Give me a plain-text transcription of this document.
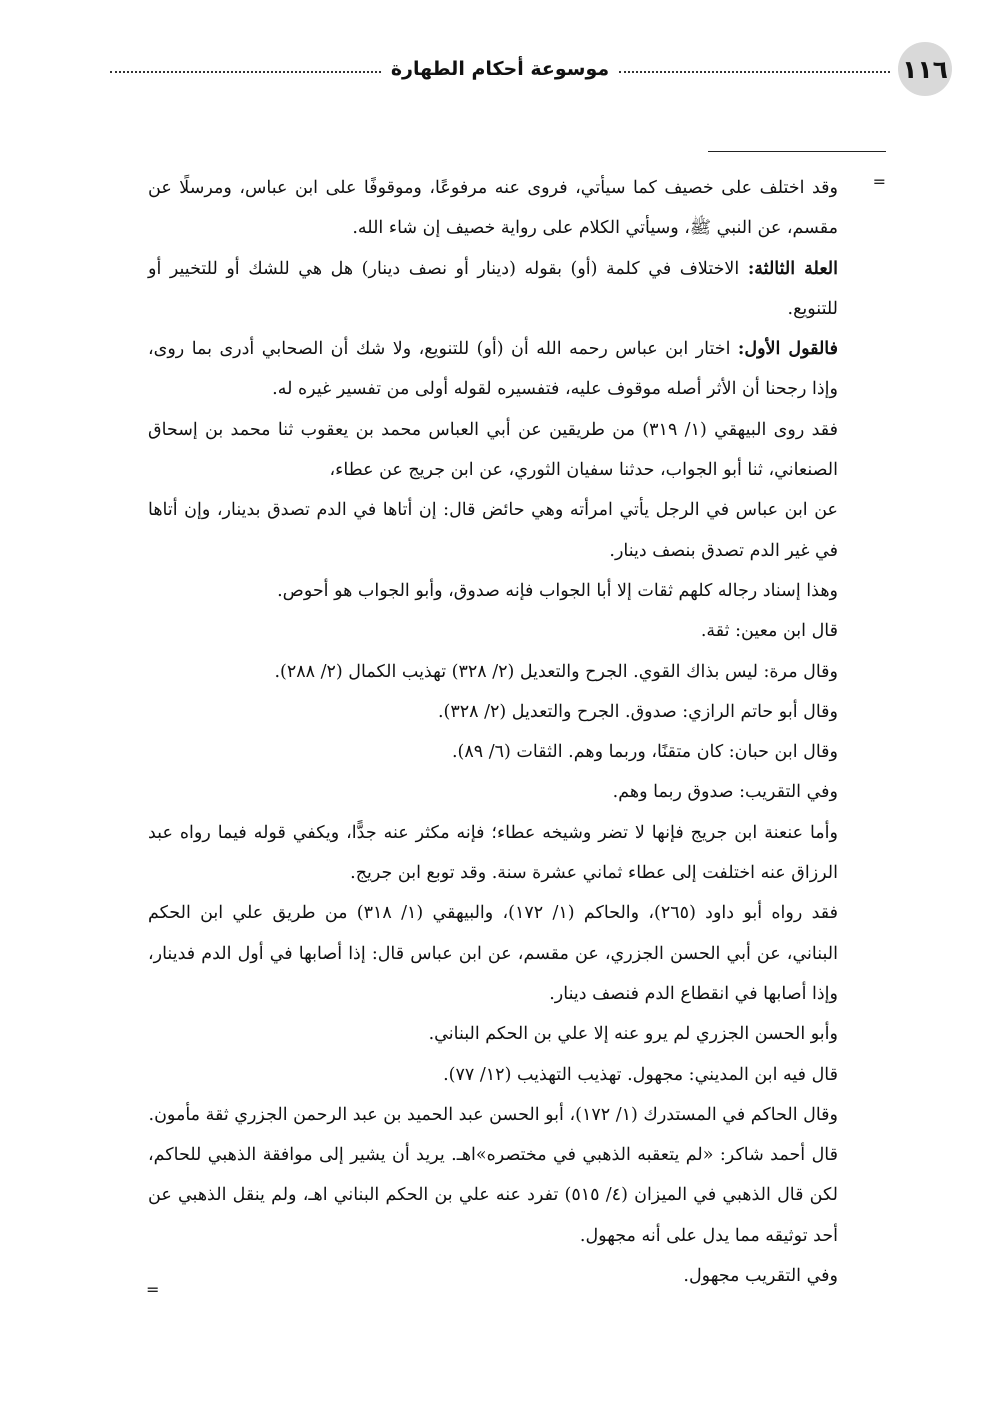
١١٦
موسوعة أحكام الطهارة
=
=

وقد اختلف على خصيف كما سيأتي، فروى عنه مرفوعًا، وموقوفًا على ابن عباس، ومرسلًا عن مقسم، عن النبي ﷺ، وسيأتي الكلام على رواية خصيف إن شاء الله.

العلة الثالثة: الاختلاف في كلمة (أو) بقوله (دينار أو نصف دينار) هل هي للشك أو للتخيير أو للتنويع.

فالقول الأول: اختار ابن عباس رحمه الله أن (أو) للتنويع، ولا شك أن الصحابي أدرى بما روى، وإذا رجحنا أن الأثر أصله موقوف عليه، فتفسيره لقوله أولى من تفسير غيره له.

فقد روى البيهقي (١/ ٣١٩) من طريقين عن أبي العباس محمد بن يعقوب ثنا محمد بن إسحاق الصنعاني، ثنا أبو الجواب، حدثنا سفيان الثوري، عن ابن جريج عن عطاء،

عن ابن عباس في الرجل يأتي امرأته وهي حائض قال: إن أتاها في الدم تصدق بدينار، وإن أتاها في غير الدم تصدق بنصف دينار.

وهذا إسناد رجاله كلهم ثقات إلا أبا الجواب فإنه صدوق، وأبو الجواب هو أحوص.

قال ابن معين: ثقة.

وقال مرة: ليس بذاك القوي. الجرح والتعديل (٢/ ٣٢٨) تهذيب الكمال (٢/ ٢٨٨).

وقال أبو حاتم الرازي: صدوق. الجرح والتعديل (٢/ ٣٢٨).

وقال ابن حبان: كان متقنًا، وربما وهم. الثقات (٦/ ٨٩).

وفي التقريب: صدوق ربما وهم.

وأما عنعنة ابن جريج فإنها لا تضر وشيخه عطاء؛ فإنه مكثر عنه جدًّا، ويكفي قوله فيما رواه عبد الرزاق عنه اختلفت إلى عطاء ثماني عشرة سنة. وقد توبع ابن جريج.

فقد رواه أبو داود (٢٦٥)، والحاكم (١/ ١٧٢)، والبيهقي (١/ ٣١٨) من طريق علي ابن الحكم البناني، عن أبي الحسن الجزري، عن مقسم، عن ابن عباس قال: إذا أصابها في أول الدم فدينار، وإذا أصابها في انقطاع الدم فنصف دينار.

وأبو الحسن الجزري لم يرو عنه إلا علي بن الحكم البناني.

قال فيه ابن المديني: مجهول. تهذيب التهذيب (١٢/ ٧٧).

وقال الحاكم في المستدرك (١/ ١٧٢)، أبو الحسن عبد الحميد بن عبد الرحمن الجزري ثقة مأمون.

قال أحمد شاكر: «لم يتعقبه الذهبي في مختصره»اهـ. يريد أن يشير إلى موافقة الذهبي للحاكم، لكن قال الذهبي في الميزان (٤/ ٥١٥) تفرد عنه علي بن الحكم البناني اهـ، ولم ينقل الذهبي عن أحد توثيقه مما يدل على أنه مجهول.

وفي التقريب مجهول.
